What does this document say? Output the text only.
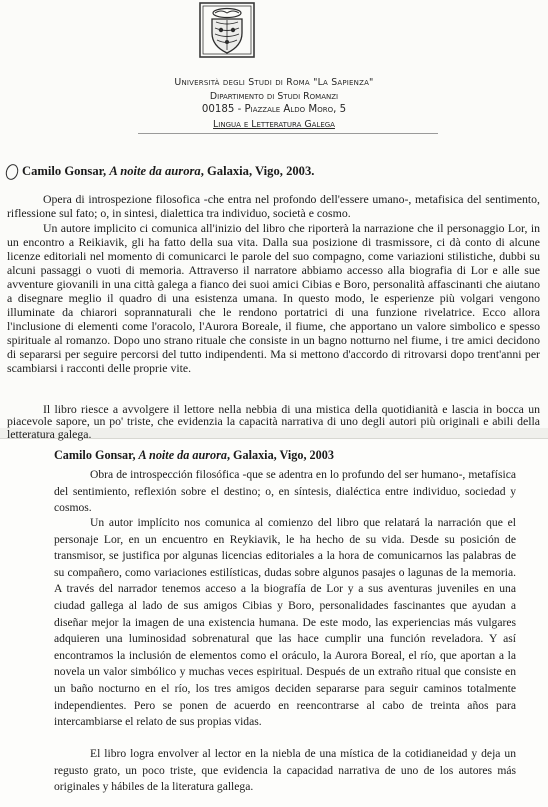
Università degli Studi di Roma "La Sapienza"
Dipartimento di Studi Romanzi
00185 - Piazzale Aldo Moro, 5
Lingua e Letteratura Galega
Camilo Gonsar, A noite da aurora, Galaxia, Vigo, 2003.

Opera di introspezione filosofica -che entra nel profondo dell'essere umano-, metafisica del sentimento, riflessione sul fato; o, in sintesi, dialettica tra individuo, società e cosmo.

Un autore implicito ci comunica all'inizio del libro che riporterà la narrazione che il personaggio Lor, in un encontro a Reikiavik, gli ha fatto della sua vita. Dalla sua posizione di trasmissore, ci dà conto di alcune licenze editoriali nel momento di comunicarci le parole del suo compagno, come variazioni stilistiche, dubbi su alcuni passaggi o vuoti di memoria. Attraverso il narratore abbiamo accesso alla biografia di Lor e alle sue avventure giovanili in una città galega a fianco dei suoi amici Cibias e Boro, personalità affascinanti che aiutano a disegnare meglio il quadro di una esistenza umana. In questo modo, le esperienze più volgari vengono illuminate da chiarori soprannaturali che le rendono portatrici di una funzione rivelatrice. Ecco allora l'inclusione di elementi come l'oracolo, l'Aurora Boreale, il fiume, che apportano un valore simbolico e spesso spirituale al romanzo. Dopo uno strano rituale che consiste in un bagno notturno nel fiume, i tre amici decidono di separarsi per seguire percorsi del tutto indipendenti. Ma si mettono d'accordo di ritrovarsi dopo trent'anni per scambiarsi i racconti delle proprie vite.

Il libro riesce a avvolgere il lettore nella nebbia di una mistica della quotidianità e lascia in bocca un piacevole sapore, un po' triste, che evidenzia la capacità narrativa di uno degli autori più originali e abili della letteratura galega.

Camilo Gonsar, A noite da aurora, Galaxia, Vigo, 2003

Obra de introspección filosófica -que se adentra en lo profundo del ser humano-, metafísica del sentimiento, reflexión sobre el destino; o, en síntesis, dialéctica entre individuo, sociedad y cosmos.

Un autor implícito nos comunica al comienzo del libro que relatará la narración que el personaje Lor, en un encuentro en Reykiavik, le ha hecho de su vida. Desde su posición de transmisor, se justifica por algunas licencias editoriales a la hora de comunicarnos las palabras de su compañero, como variaciones estilísticas, dudas sobre algunos pasajes o lagunas de la memoria. A través del narrador tenemos acceso a la biografía de Lor y a sus aventuras juveniles en una ciudad gallega al lado de sus amigos Cibias y Boro, personalidades fascinantes que ayudan a diseñar mejor la imagen de una existencia humana. De este modo, las experiencias más vulgares adquieren una luminosidad sobrenatural que las hace cumplir una función reveladora. Y así encontramos la inclusión de elementos como el oráculo, la Aurora Boreal, el río, que aportan a la novela un valor simbólico y muchas veces espiritual. Después de un extraño ritual que consiste en un baño nocturno en el río, los tres amigos deciden separarse para seguir caminos totalmente independientes. Pero se ponen de acuerdo en reencontrarse al cabo de treinta años para intercambiarse el relato de sus propias vidas.

El libro logra envolver al lector en la niebla de una mística de la cotidianeidad y deja un regusto grato, un poco triste, que evidencia la capacidad narrativa de uno de los autores más originales y hábiles de la literatura gallega.
